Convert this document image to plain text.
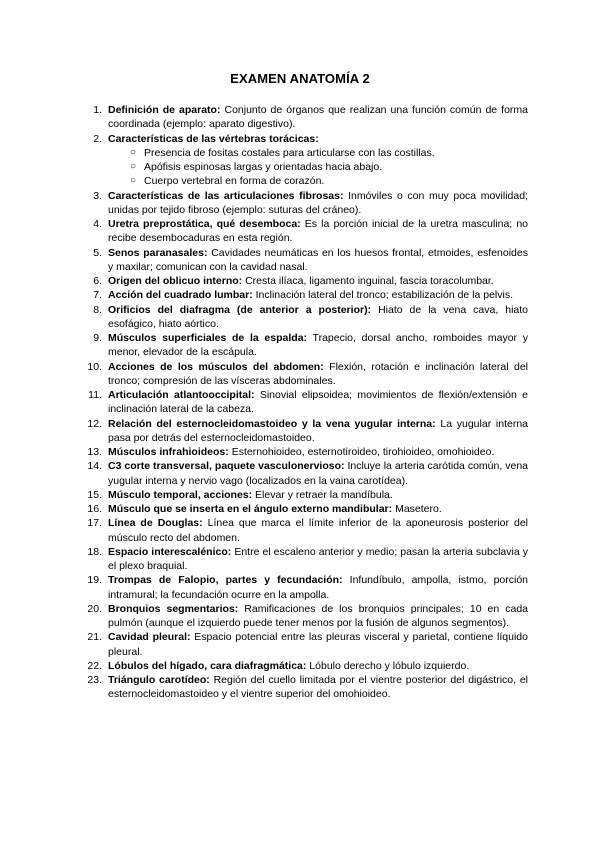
EXAMEN ANATOMÍA 2
1. Definición de aparato: Conjunto de órganos que realizan una función común de forma coordinada (ejemplo: aparato digestivo).
2. Características de las vértebras torácicas:
○ Presencia de fositas costales para articularse con las costillas.
○ Apófisis espinosas largas y orientadas hacia abajo.
○ Cuerpo vertebral en forma de corazón.
3. Características de las articulaciones fibrosas: Inmóviles o con muy poca movilidad; unidas por tejido fibroso (ejemplo: suturas del cráneo).
4. Uretra preprostática, qué desemboca: Es la porción inicial de la uretra masculina; no recibe desembocaduras en esta región.
5. Senos paranasales: Cavidades neumáticas en los huesos frontal, etmoides, esfenoides y maxilar; comunican con la cavidad nasal.
6. Origen del oblicuo interno: Cresta ilíaca, ligamento inguinal, fascia toracolumbar.
7. Acción del cuadrado lumbar: Inclinación lateral del tronco; estabilización de la pelvis.
8. Orificios del diafragma (de anterior a posterior): Hiato de la vena cava, hiato esofágico, hiato aórtico.
9. Músculos superficiales de la espalda: Trapecio, dorsal ancho, romboides mayor y menor, elevador de la escápula.
10. Acciones de los músculos del abdomen: Flexión, rotación e inclinación lateral del tronco; compresión de las vísceras abdominales.
11. Articulación atlantooccipital: Sinovial elipsoidea; movimientos de flexión/extensión e inclinación lateral de la cabeza.
12. Relación del esternocleidomastoideo y la vena yugular interna: La yugular interna pasa por detrás del esternocleidomastoideo.
13. Músculos infrahioideos: Esternohioideo, esternotiroideo, tirohioideo, omohioideo.
14. C3 corte transversal, paquete vasculonervioso: Incluye la arteria carótida común, vena yugular interna y nervio vago (localizados en la vaina carotídea).
15. Músculo temporal, acciones: Elevar y retraer la mandíbula.
16. Músculo que se inserta en el ángulo externo mandibular: Masetero.
17. Línea de Douglas: Línea que marca el límite inferior de la aponeurosis posterior del músculo recto del abdomen.
18. Espacio interescalénico: Entre el escaleno anterior y medio; pasan la arteria subclavia y el plexo braquial.
19. Trompas de Falopio, partes y fecundación: Infundíbulo, ampolla, istmo, porción intramural; la fecundación ocurre en la ampolla.
20. Bronquios segmentarios: Ramificaciones de los bronquios principales; 10 en cada pulmón (aunque el izquierdo puede tener menos por la fusión de algunos segmentos).
21. Cavidad pleural: Espacio potencial entre las pleuras visceral y parietal, contiene líquido pleural.
22. Lóbulos del hígado, cara diafragmática: Lóbulo derecho y lóbulo izquierdo.
23. Triángulo carotídeo: Región del cuello limitada por el vientre posterior del digástrico, el esternocleidomastoideo y el vientre superior del omohioideo.
